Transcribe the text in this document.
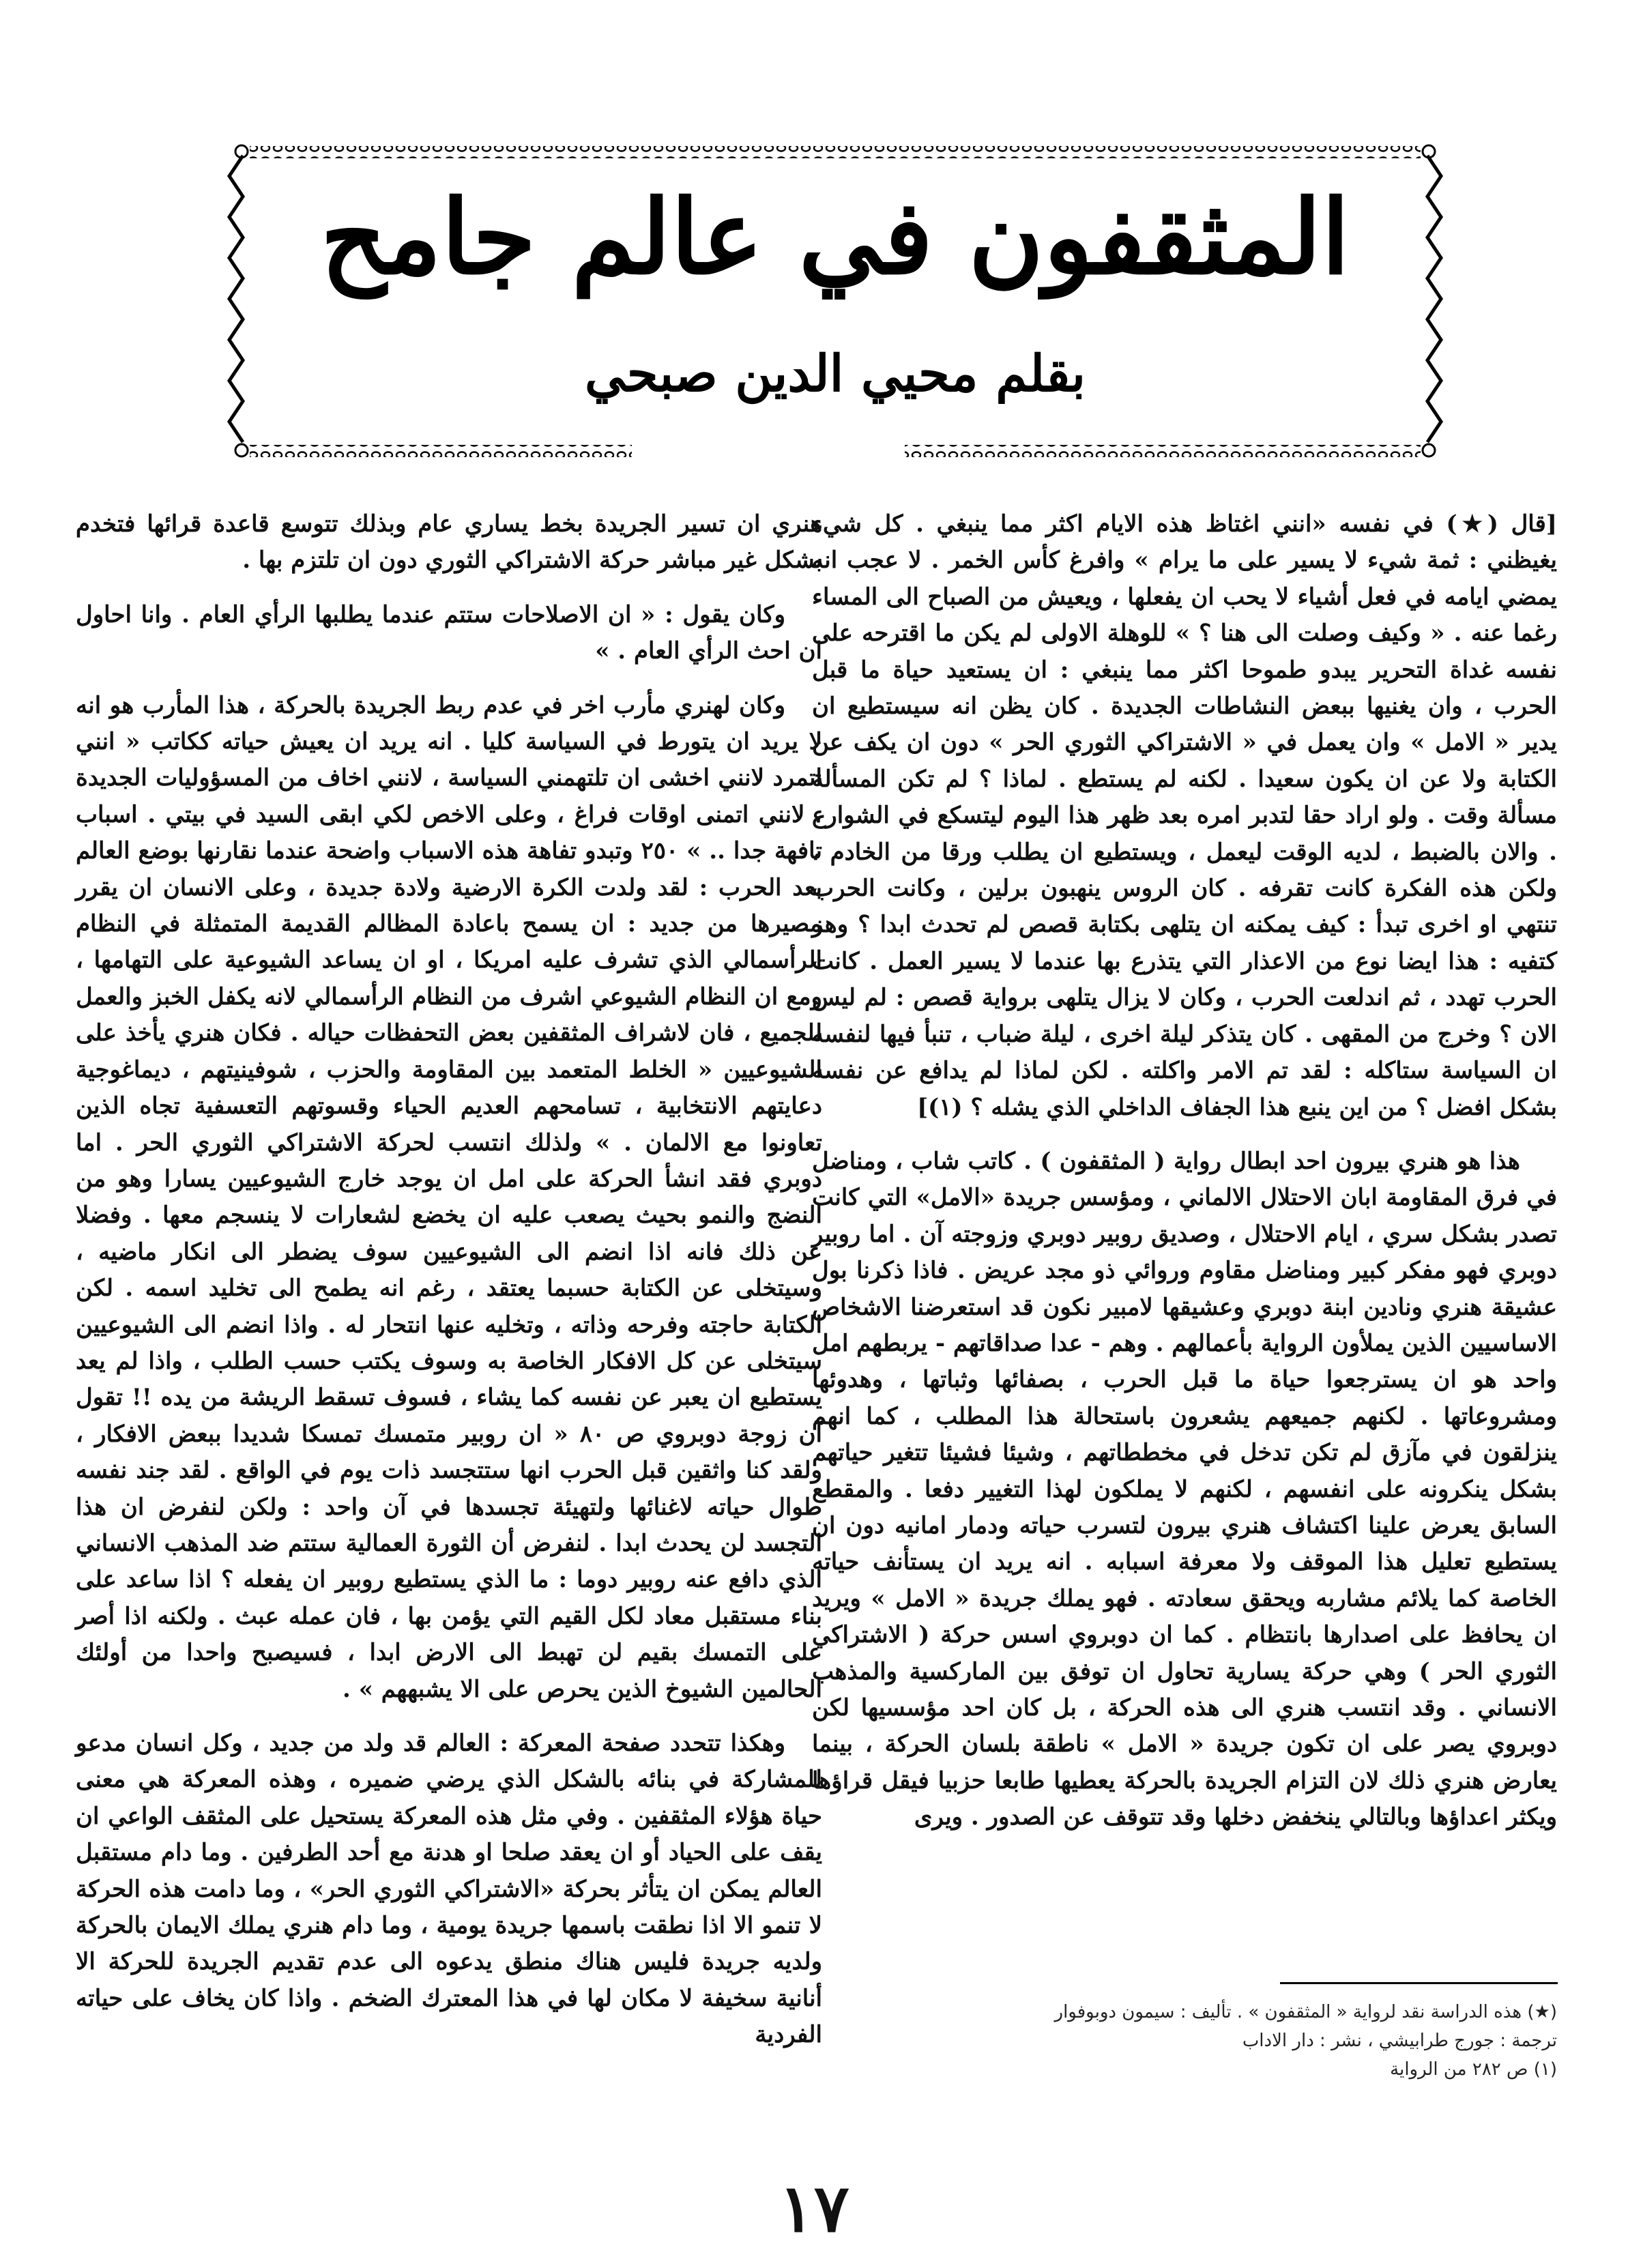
المثقفون في عالم جامح
بقلم محيي الدين صبحي

[قال (★) في نفسه «انني اغتاظ هذه الايام اكثر مما ينبغي . كل شيء يغيظني : ثمة شيء لا يسير على ما يرام » وافرغ كأس الخمر . لا عجب انه يمضي ايامه في فعل أشياء لا يحب ان يفعلها ، ويعيش من الصباح الى المساء رغما عنه . « وكيف وصلت الى هنا ؟ » للوهلة الاولى لم يكن ما اقترحه على نفسه غداة التحرير يبدو طموحا اكثر مما ينبغي : ان يستعيد حياة ما قبل الحرب ، وان يغنيها ببعض النشاطات الجديدة . كان يظن انه سيستطيع ان يدير « الامل » وان يعمل في « الاشتراكي الثوري الحر » دون ان يكف عن الكتابة ولا عن ان يكون سعيدا . لكنه لم يستطع . لماذا ؟ لم تكن المسألة مسألة وقت . ولو اراد حقا لتدبر امره بعد ظهر هذا اليوم ليتسكع في الشوارع . والان بالضبط ، لديه الوقت ليعمل ، ويستطيع ان يطلب ورقا من الخادم ، ولكن هذه الفكرة كانت تقرفه . كان الروس ينهبون برلين ، وكانت الحرب تنتهي او اخرى تبدأ : كيف يمكنه ان يتلهى بكتابة قصص لم تحدث ابدا ؟ وهز كتفيه : هذا ايضا نوع من الاعذار التي يتذرع بها عندما لا يسير العمل . كانت الحرب تهدد ، ثم اندلعت الحرب ، وكان لا يزال يتلهى برواية قصص : لم ليس الان ؟ وخرج من المقهى . كان يتذكر ليلة اخرى ، ليلة ضباب ، تنبأ فيها لنفسه ان السياسة ستاكله : لقد تم الامر واكلته . لكن لماذا لم يدافع عن نفسه بشكل افضل ؟ من اين ينبع هذا الجفاف الداخلي الذي يشله ؟ (١)]

هذا هو هنري بيرون احد ابطال رواية ( المثقفون ) . كاتب شاب ، ومناضل في فرق المقاومة ابان الاحتلال الالماني ، ومؤسس جريدة «الامل» التي كانت تصدر بشكل سري ، ايام الاحتلال ، وصديق روبير دوبري وزوجته آن . اما روبير دوبري فهو مفكر كبير ومناضل مقاوم وروائي ذو مجد عريض . فاذا ذكرنا بول عشيقة هنري ونادين ابنة دوبري وعشيقها لامبير نكون قد استعرضنا الاشخاص الاساسيين الذين يملأون الرواية بأعمالهم . وهم - عدا صداقاتهم - يربطهم امل واحد هو ان يسترجعوا حياة ما قبل الحرب ، بصفائها وثباتها ، وهدوئها ومشروعاتها . لكنهم جميعهم يشعرون باستحالة هذا المطلب ، كما انهم ينزلقون في مآزق لم تكن تدخل في مخططاتهم ، وشيئا فشيئا تتغير حياتهم بشكل ينكرونه على انفسهم ، لكنهم لا يملكون لهذا التغيير دفعا . والمقطع السابق يعرض علينا اكتشاف هنري بيرون لتسرب حياته ودمار امانيه دون ان يستطيع تعليل هذا الموقف ولا معرفة اسبابه . انه يريد ان يستأنف حياته الخاصة كما يلائم مشاربه ويحقق سعادته . فهو يملك جريدة « الامل » ويريد ان يحافظ على اصدارها بانتظام . كما ان دوبروي اسس حركة ( الاشتراكي الثوري الحر ) وهي حركة يسارية تحاول ان توفق بين الماركسية والمذهب الانساني . وقد انتسب هنري الى هذه الحركة ، بل كان احد مؤسسيها لكن دوبروي يصر على ان تكون جريدة « الامل » ناطقة بلسان الحركة ، بينما يعارض هنري ذلك لان التزام الجريدة بالحركة يعطيها طابعا حزبيا فيقل قراؤها ويكثر اعداؤها وبالتالي ينخفض دخلها وقد تتوقف عن الصدور . ويرى

هنري ان تسير الجريدة بخط يساري عام وبذلك تتوسع قاعدة قرائها فتخدم بشكل غير مباشر حركة الاشتراكي الثوري دون ان تلتزم بها .

وكان يقول : « ان الاصلاحات ستتم عندما يطلبها الرأي العام . وانا احاول ان احث الرأي العام . »

وكان لهنري مأرب اخر في عدم ربط الجريدة بالحركة ، هذا المأرب هو انه لا يريد ان يتورط في السياسة كليا . انه يريد ان يعيش حياته ككاتب « انني اتمرد لانني اخشى ان تلتهمني السياسة ، لانني اخاف من المسؤوليات الجديدة ، لانني اتمنى اوقات فراغ ، وعلى الاخص لكي ابقى السيد في بيتي . اسباب تافهة جدا .. » ٢٥٠ وتبدو تفاهة هذه الاسباب واضحة عندما نقارنها بوضع العالم بعد الحرب : لقد ولدت الكرة الارضية ولادة جديدة ، وعلى الانسان ان يقرر مصيرها من جديد : ان يسمح باعادة المظالم القديمة المتمثلة في النظام الرأسمالي الذي تشرف عليه امريكا ، او ان يساعد الشيوعية على التهامها ، ومع ان النظام الشيوعي اشرف من النظام الرأسمالي لانه يكفل الخبز والعمل للجميع ، فان لاشراف المثقفين بعض التحفظات حياله . فكان هنري يأخذ على الشيوعيين « الخلط المتعمد بين المقاومة والحزب ، شوفينيتهم ، ديماغوجية دعايتهم الانتخابية ، تسامحهم العديم الحياء وقسوتهم التعسفية تجاه الذين تعاونوا مع الالمان . » ولذلك انتسب لحركة الاشتراكي الثوري الحر . اما دوبري فقد انشأ الحركة على امل ان يوجد خارج الشيوعيين يسارا وهو من النضج والنمو بحيث يصعب عليه ان يخضع لشعارات لا ينسجم معها . وفضلا عن ذلك فانه اذا انضم الى الشيوعيين سوف يضطر الى انكار ماضيه ، وسيتخلى عن الكتابة حسبما يعتقد ، رغم انه يطمح الى تخليد اسمه . لكن الكتابة حاجته وفرحه وذاته ، وتخليه عنها انتحار له . واذا انضم الى الشيوعيين سيتخلى عن كل الافكار الخاصة به وسوف يكتب حسب الطلب ، واذا لم يعد يستطيع ان يعبر عن نفسه كما يشاء ، فسوف تسقط الريشة من يده !! تقول آن زوجة دوبروي ص ٨٠ « ان روبير متمسك تمسكا شديدا ببعض الافكار ، ولقد كنا واثقين قبل الحرب انها ستتجسد ذات يوم في الواقع . لقد جند نفسه طوال حياته لاغنائها ولتهيئة تجسدها في آن واحد : ولكن لنفرض ان هذا التجسد لن يحدث ابدا . لنفرض أن الثورة العمالية ستتم ضد المذهب الانساني الذي دافع عنه روبير دوما : ما الذي يستطيع روبير ان يفعله ؟ اذا ساعد على بناء مستقبل معاد لكل القيم التي يؤمن بها ، فان عمله عبث . ولكنه اذا أصر على التمسك بقيم لن تهبط الى الارض ابدا ، فسيصبح واحدا من أولئك الحالمين الشيوخ الذين يحرص على الا يشبههم » .

وهكذا تتحدد صفحة المعركة : العالم قد ولد من جديد ، وكل انسان مدعو للمشاركة في بنائه بالشكل الذي يرضي ضميره ، وهذه المعركة هي معنى حياة هؤلاء المثقفين . وفي مثل هذه المعركة يستحيل على المثقف الواعي ان يقف على الحياد أو ان يعقد صلحا او هدنة مع أحد الطرفين . وما دام مستقبل العالم يمكن ان يتأثر بحركة «الاشتراكي الثوري الحر» ، وما دامت هذه الحركة لا تنمو الا اذا نطقت باسمها جريدة يومية ، وما دام هنري يملك الايمان بالحركة ولديه جريدة فليس هناك منطق يدعوه الى عدم تقديم الجريدة للحركة الا أنانية سخيفة لا مكان لها في هذا المعترك الضخم . واذا كان يخاف على حياته الفردية

(★) هذه الدراسة نقد لرواية « المثقفون » . تأليف : سيمون دوبوفوار
ترجمة : جورج طرابيشي ، نشر : دار الاداب
(١) ص ٢٨٢ من الرواية
١٧
